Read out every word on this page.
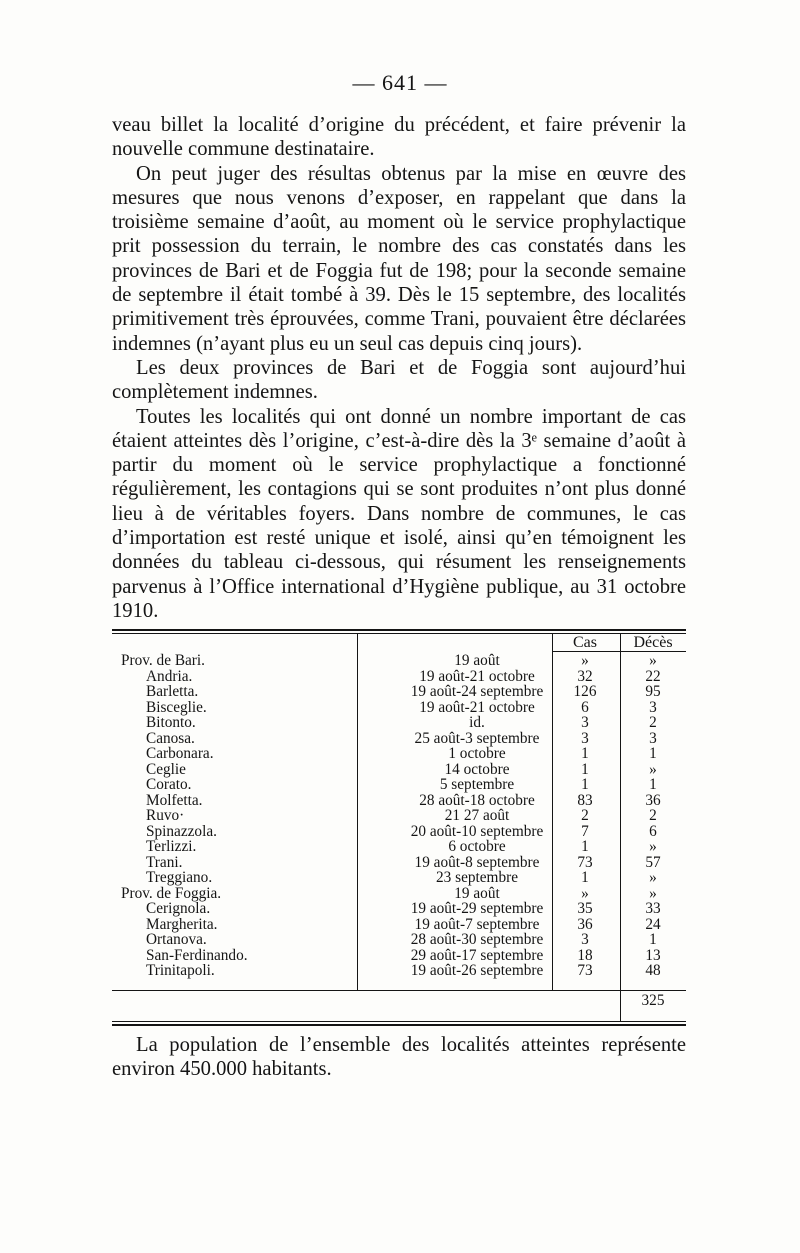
— 641 —

veau billet la localité d’origine du précédent, et faire prévenir la nouvelle commune destinataire.

On peut juger des résultas obtenus par la mise en œuvre des mesures que nous venons d’exposer, en rappelant que dans la troisième semaine d’août, au moment où le service prophylactique prit possession du terrain, le nombre des cas constatés dans les provinces de Bari et de Foggia fut de 198; pour la seconde semaine de septembre il était tombé à 39. Dès le 15 septembre, des localités primitivement très éprouvées, comme Trani, pouvaient être déclarées indemnes (n’ayant plus eu un seul cas depuis cinq jours).

Les deux provinces de Bari et de Foggia sont aujourd’hui complètement indemnes.

Toutes les localités qui ont donné un nombre important de cas étaient atteintes dès l’origine, c’est-à-dire dès la 3ᵉ semaine d’août à partir du moment où le service prophylactique a fonctionné régulièrement, les contagions qui se sont produites n’ont plus donné lieu à de véritables foyers. Dans nombre de communes, le cas d’importation est resté unique et isolé, ainsi qu’en témoignent les données du tableau ci-dessous, qui résument les renseignements parvenus à l’Office international d’Hygiène publique, au 31 octobre 1910.

Cas	Décès
Prov. de Bari.
Andria.
Barletta.
Bisceglie.
Bitonto.
Canosa.
Carbonara.
Ceglie
Corato.
Molfetta.
Ruvo·
Spinazzola.
Terlizzi.
Trani.
Treggiano.
Prov. de Foggia.
Cerignola.
Margherita.
Ortanova.
San-Ferdinando.
Trinitapoli.
19 août
19 août-21 octobre
19 août-24 septembre
19 août-21 octobre
id.
25 août-3 septembre
1 octobre
14 octobre
5 septembre
28 août-18 octobre
21 27 août
20 août-10 septembre
6 octobre
19 août-8 septembre
23 septembre
19 août
19 août-29 septembre
19 août-7 septembre
28 août-30 septembre
29 août-17 septembre
19 août-26 septembre
»
32
126
6
3
3
1
1
1
83
2
7
1
73
1
»
35
36
3
18
73
»
22
95
3
2
3
1
»
1
36
2
6
»
57
»
»
33
24
1
13
48
325

La population de l’ensemble des localités atteintes représente

environ 450.000 habitants.
